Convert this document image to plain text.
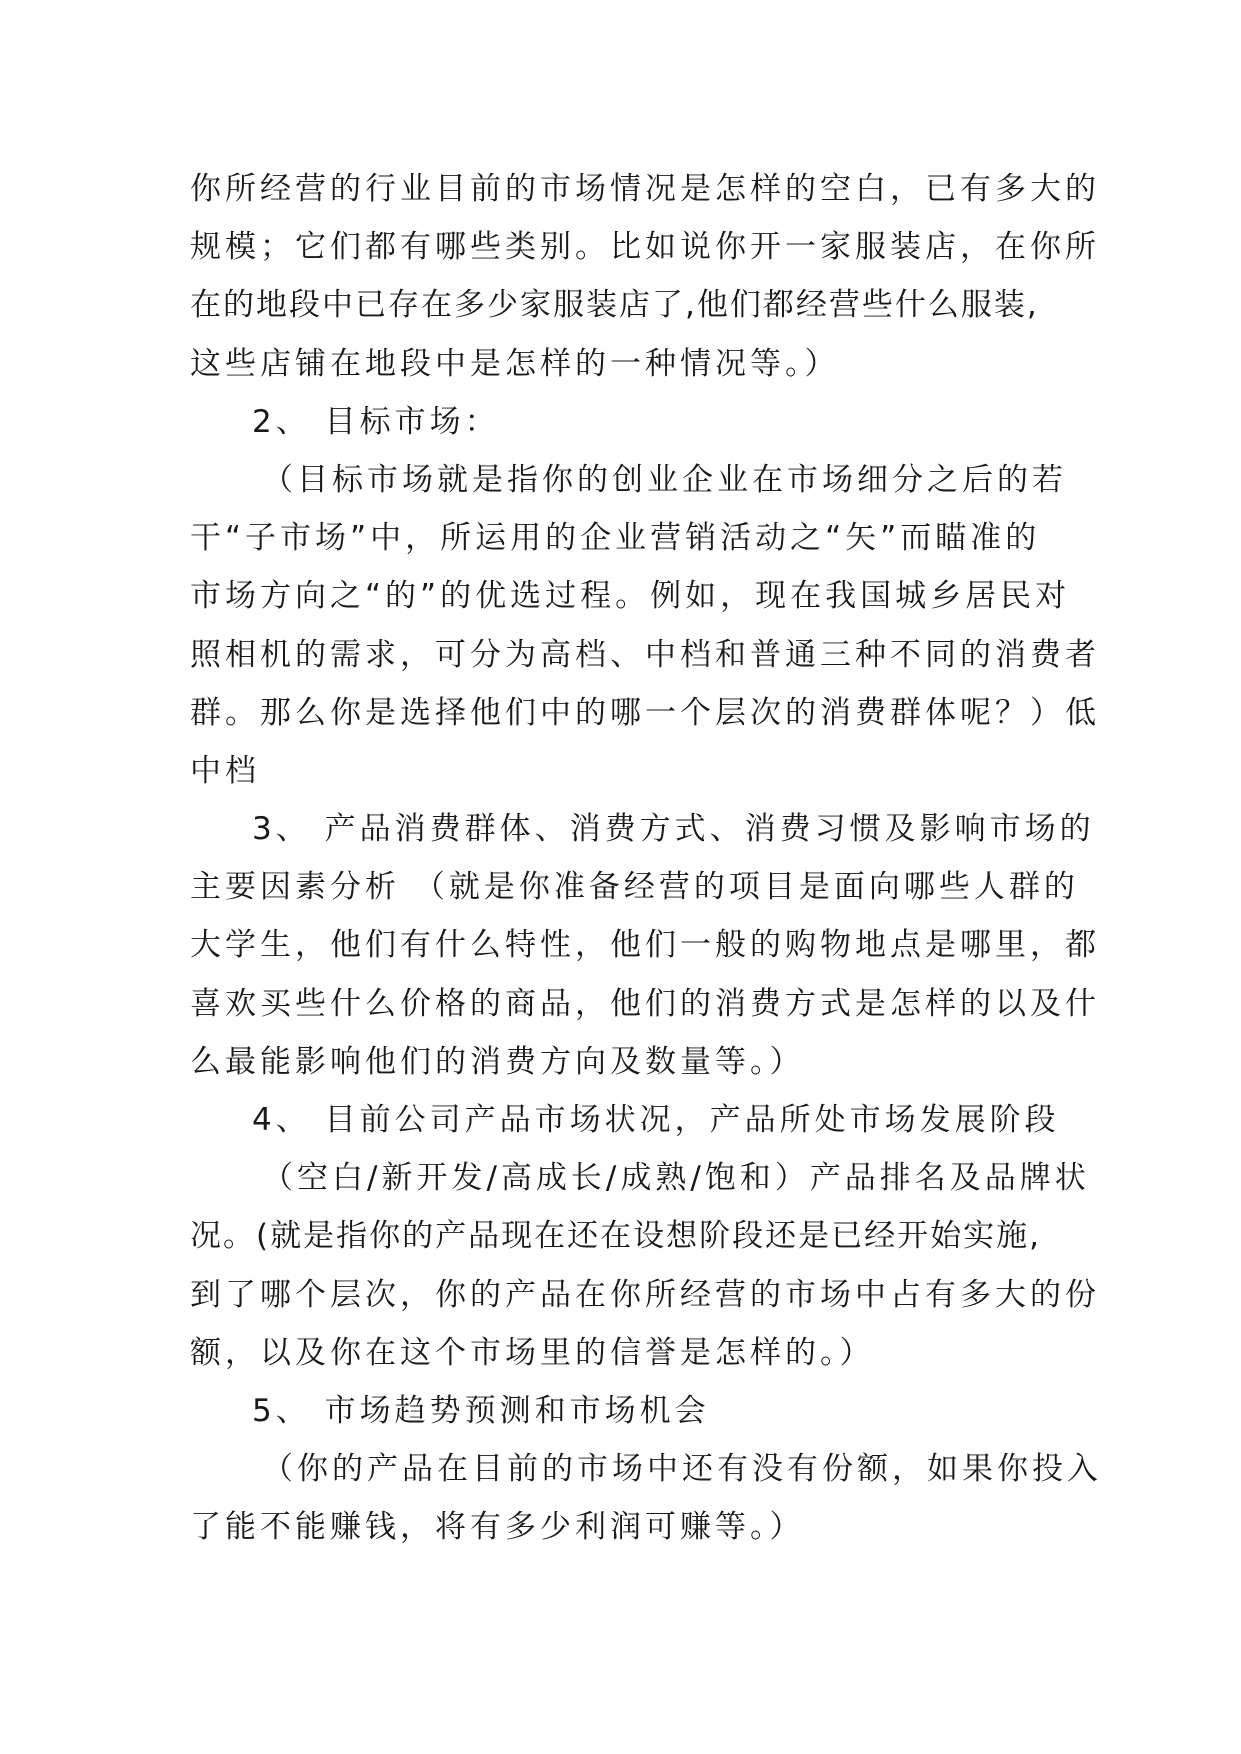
你所经营的行业目前的市场情况是怎样的空白，已有多大的
规模；它们都有哪些类别。比如说你开一家服装店，在你所
在的地段中已存在多少家服装店了,他们都经营些什么服装,
这些店铺在地段中是怎样的一种情况等。）
2、 目标市场：
（目标市场就是指你的创业企业在市场细分之后的若
干“子市场”中，所运用的企业营销活动之“矢”而瞄准的
市场方向之“的”的优选过程。例如，现在我国城乡居民对
照相机的需求，可分为高档、中档和普通三种不同的消费者
群。那么你是选择他们中的哪一个层次的消费群体呢？）低
中档
3、 产品消费群体、消费方式、消费习惯及影响市场的
主要因素分析 （就是你准备经营的项目是面向哪些人群的
大学生，他们有什么特性，他们一般的购物地点是哪里，都
喜欢买些什么价格的商品，他们的消费方式是怎样的以及什
么最能影响他们的消费方向及数量等。）
4、 目前公司产品市场状况，产品所处市场发展阶段
（空白/新开发/高成长/成熟/饱和）产品排名及品牌状
况。(就是指你的产品现在还在设想阶段还是已经开始实施,
到了哪个层次，你的产品在你所经营的市场中占有多大的份
额，以及你在这个市场里的信誉是怎样的。）
5、 市场趋势预测和市场机会
（你的产品在目前的市场中还有没有份额，如果你投入
了能不能赚钱，将有多少利润可赚等。）
